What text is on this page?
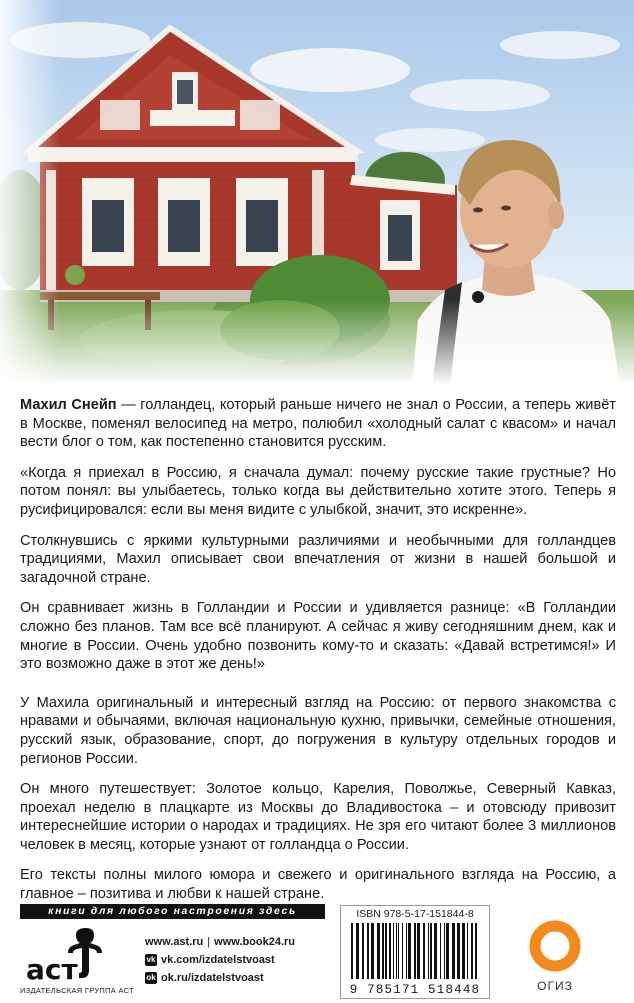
Махил Снейп — голландец, который раньше ничего не знал о России, а теперь живёт в Москве, поменял велосипед на метро, полюбил «холодный салат с квасом» и начал вести блог о том, как постепенно становится русским.

«Когда я приехал в Россию, я сначала думал: почему русские такие грустные? Но потом понял: вы улыбаетесь, только когда вы действительно хотите этого. Теперь я русифицировался: если вы меня видите с улыбкой, значит, это искренне».

Столкнувшись с яркими культурными различиями и необычными для голландцев традициями, Махил описывает свои впечатления от жизни в нашей большой и загадочной стране.

Он сравнивает жизнь в Голландии и России и удивляется разнице: «В Голландии сложно без планов. Там все всё планируют. А сейчас я живу сегодняшним днем, как и многие в России. Очень удобно позвонить кому-то и сказать: «Давай встретимся!» И это возможно даже в этот же день!»

У Махила оригинальный и интересный взгляд на Россию: от первого знакомства с нравами и обычаями, включая национальную кухню, привычки, семейные отношения, русский язык, образование, спорт, до погружения в культуру отдельных городов и регионов России.

Он много путешествует: Золотое кольцо, Карелия, Поволжье, Северный Кавказ, проехал неделю в плацкарте из Москвы до Владивостока – и отовсюду привозит интереснейшие истории о народах и традициях. Не зря его читают более 3 миллионов человек в месяц, которые узнают от голландца о России.

Его тексты полны милого юмора и свежего и оригинального взгляда на Россию, а главное – позитива и любви к нашей стране.

книги для любого настроения здесь
аст
ИЗДАТЕЛЬСКАЯ ГРУППА АСТ
www.ast.ru | www.book24.ru
vk vk.com/izdatelstvoast
ok ok.ru/izdatelstvoast
ISBN 978-5-17-151844-8
9 785171 518448	ОГИЗ
